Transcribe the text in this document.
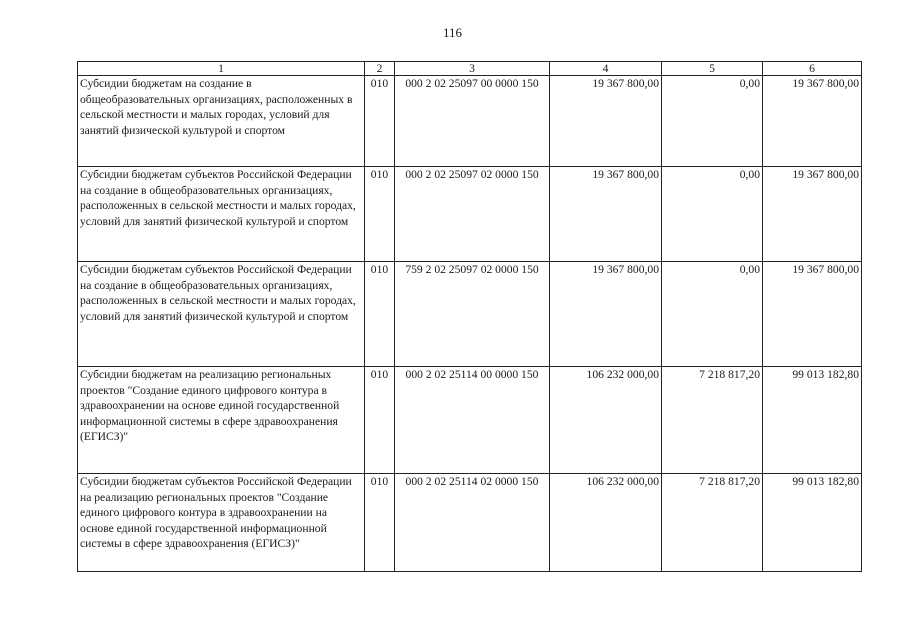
116
1	2	3	4	5	6
Субсидии бюджетам на создание в общеобразовательных организациях, расположенных в сельской местности и малых городах, условий для занятий физической культурой и спортом	010	000 2 02 25097 00 0000 150	19 367 800,00	0,00	19 367 800,00
Субсидии бюджетам субъектов Российской Федерации на создание в общеобразовательных организациях, расположенных в сельской местности и малых городах, условий для занятий физической культурой и спортом	010	000 2 02 25097 02 0000 150	19 367 800,00	0,00	19 367 800,00
Субсидии бюджетам субъектов Российской Федерации на создание в общеобразовательных организациях, расположенных в сельской местности и малых городах, условий для занятий физической культурой и спортом	010	759 2 02 25097 02 0000 150	19 367 800,00	0,00	19 367 800,00
Субсидии бюджетам на реализацию региональных проектов "Создание единого цифрового контура в здравоохранении на основе единой государственной информационной системы в сфере здравоохранения (ЕГИСЗ)"	010	000 2 02 25114 00 0000 150	106 232 000,00	7 218 817,20	99 013 182,80
Субсидии бюджетам субъектов Российской Федерации на реализацию региональных проектов "Создание единого цифрового контура в здравоохранении на основе единой государственной информационной системы в сфере здравоохранения (ЕГИСЗ)"	010	000 2 02 25114 02 0000 150	106 232 000,00	7 218 817,20	99 013 182,80
